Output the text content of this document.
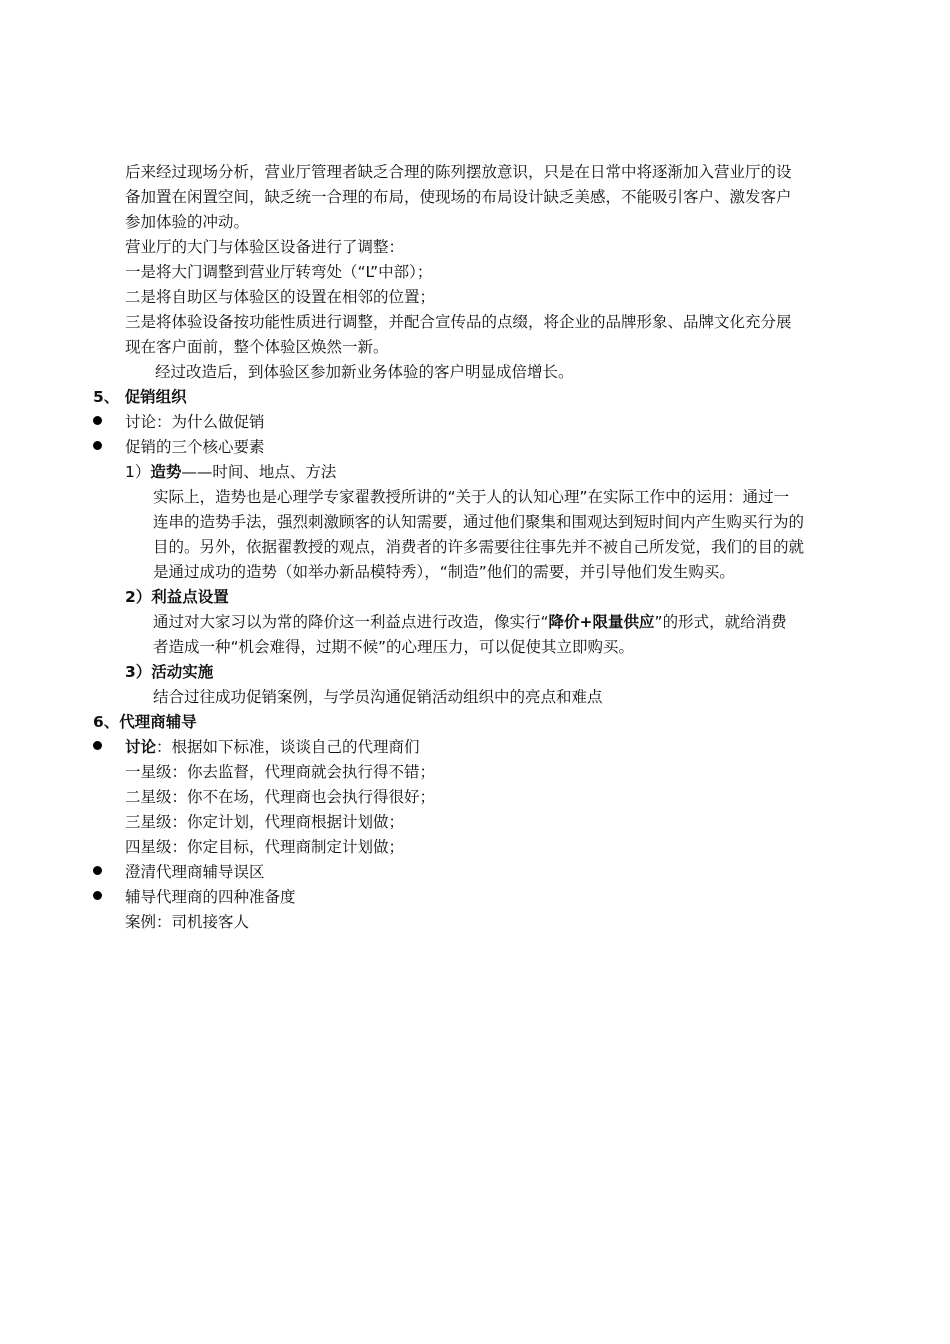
后来经过现场分析，营业厅管理者缺乏合理的陈列摆放意识，只是在日常中将逐渐加入营业厅的设
备加置在闲置空间，缺乏统一合理的布局，使现场的布局设计缺乏美感，不能吸引客户、激发客户
参加体验的冲动。
营业厅的大门与体验区设备进行了调整：
一是将大门调整到营业厅转弯处（“L”中部）；
二是将自助区与体验区的设置在相邻的位置；
三是将体验设备按功能性质进行调整，并配合宣传品的点缀，将企业的品牌形象、品牌文化充分展
现在客户面前，整个体验区焕然一新。
经过改造后，到体验区参加新业务体验的客户明显成倍增长。
5、 促销组织
讨论：为什么做促销
促销的三个核心要素
1）造势——时间、地点、方法
实际上，造势也是心理学专家翟教授所讲的“关于人的认知心理”在实际工作中的运用：通过一
连串的造势手法，强烈刺激顾客的认知需要，通过他们聚集和围观达到短时间内产生购买行为的
目的。另外，依据翟教授的观点，消费者的许多需要往往事先并不被自己所发觉，我们的目的就
是通过成功的造势（如举办新品模特秀），“制造”他们的需要，并引导他们发生购买。
2）利益点设置
通过对大家习以为常的降价这一利益点进行改造，像实行“降价+限量供应”的形式，就给消费
者造成一种“机会难得，过期不候”的心理压力，可以促使其立即购买。
3）活动实施
结合过往成功促销案例，与学员沟通促销活动组织中的亮点和难点
6、代理商辅导
讨论：根据如下标准，谈谈自己的代理商们
一星级：你去监督，代理商就会执行得不错；
二星级：你不在场，代理商也会执行得很好；
三星级：你定计划，代理商根据计划做；
四星级：你定目标，代理商制定计划做；
澄清代理商辅导误区
辅导代理商的四种准备度
案例：司机接客人
